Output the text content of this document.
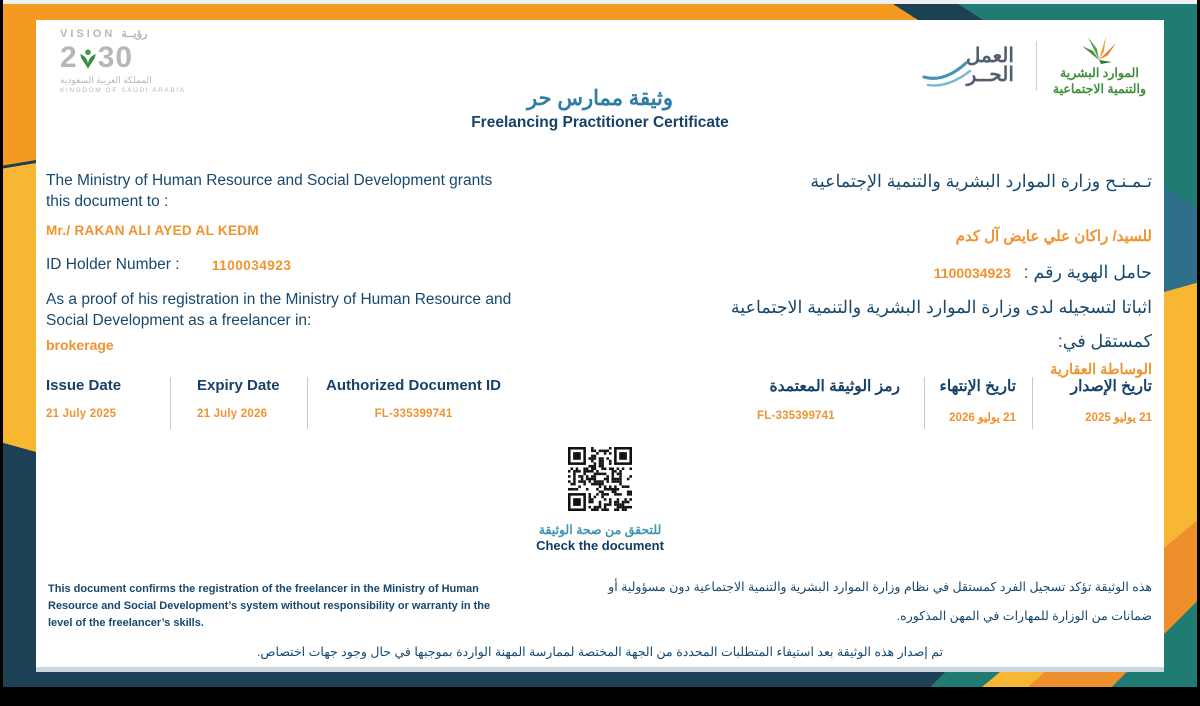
VISION رؤيــة
2 30
المملكة العربية السعودية
KINGDOM OF SAUDI ARABIA
العمل
الحــر	الموارد البشرية
والتنمية الاجتماعية
وثيقة ممارس حر
Freelancing Practitioner Certificate
The Ministry of Human Resource and Social Development grants this document to :
Mr./ RAKAN ALI AYED AL KEDM
ID Holder Number : 1100034923
As a proof of his registration in the Ministry of Human Resource and Social Development as a freelancer in:
brokerage
تـمـنـح وزارة الموارد البشرية والتنمية الإجتماعية
للسيد/ راكان علي عايض آل كدم
حامل الهوية رقم : 1100034923
اثباتا لتسجيله لدى وزارة الموارد البشرية والتنمية الاجتماعية
كمستقل في:
الوساطة العقارية
Issue Date
21 July 2025
Expiry Date
21 July 2026
Authorized Document ID
FL-335399741
تاريخ الإصدار
21 يوليو 2025
تاريخ الإنتهاء
21 يوليو 2026
رمز الوثيقة المعتمدة
FL-335399741
للتحقق من صحة الوثيقة
Check the document
This document confirms the registration of the freelancer in the Ministry of Human Resource and Social Development’s system without responsibility or warranty in the level of the freelancer’s skills.
هذه الوثيقة تؤكد تسجيل الفرد كمستقل في نظام وزارة الموارد البشرية والتنمية الاجتماعية دون مسؤولية أو ضمانات من الوزارة للمهارات في المهن المذكوره.
تم إصدار هذه الوثيقة بعد استيفاء المتطلبات المحددة من الجهة المختصة لممارسة المهنة الواردة بموجبها في حال وجود جهات اختصاص.
